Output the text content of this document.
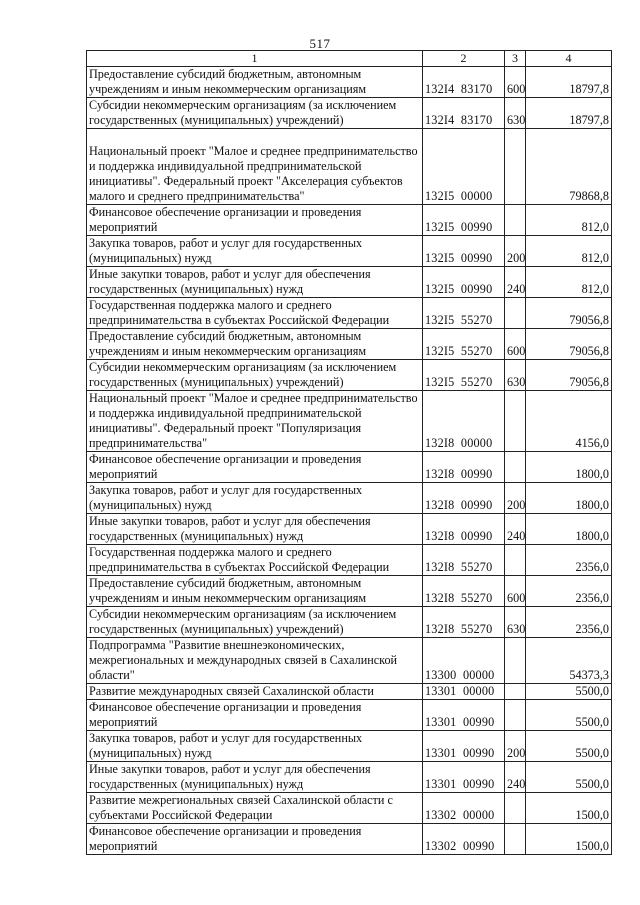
517
1	2	3	4
Предоставление субсидий бюджетным, автономным учреждениям и иным некоммерческим организациям	132I4  83170	600	18797,8
Субсидии некоммерческим организациям (за исключением государственных (муниципальных) учреждений)	132I4  83170	630	18797,8
Национальный проект "Малое и среднее предпринимательство и поддержка индивидуальной предпринимательской инициативы". Федеральный проект "Акселерация субъектов малого и среднего предпринимательства"	132I5  00000		79868,8
Финансовое обеспечение организации и проведения мероприятий	132I5  00990		812,0
Закупка товаров, работ и услуг для государственных (муниципальных) нужд	132I5  00990	200	812,0
Иные закупки товаров, работ и услуг для обеспечения государственных (муниципальных) нужд	132I5  00990	240	812,0
Государственная поддержка малого и среднего предпринимательства в субъектах Российской Федерации	132I5  55270		79056,8
Предоставление субсидий бюджетным, автономным учреждениям и иным некоммерческим организациям	132I5  55270	600	79056,8
Субсидии некоммерческим организациям (за исключением государственных (муниципальных) учреждений)	132I5  55270	630	79056,8
Национальный проект "Малое и среднее предпринимательство и поддержка индивидуальной предпринимательской инициативы". Федеральный проект "Популяризация предпринимательства"	132I8  00000		4156,0
Финансовое обеспечение организации и проведения мероприятий	132I8  00990		1800,0
Закупка товаров, работ и услуг для государственных (муниципальных) нужд	132I8  00990	200	1800,0
Иные закупки товаров, работ и услуг для обеспечения государственных (муниципальных) нужд	132I8  00990	240	1800,0
Государственная поддержка малого и среднего предпринимательства в субъектах Российской Федерации	132I8  55270		2356,0
Предоставление субсидий бюджетным, автономным учреждениям и иным некоммерческим организациям	132I8  55270	600	2356,0
Субсидии некоммерческим организациям (за исключением государственных (муниципальных) учреждений)	132I8  55270	630	2356,0
Подпрограмма "Развитие внешнеэкономических, межрегиональных и международных связей в Сахалинской области"	13300  00000		54373,3
Развитие международных связей Сахалинской области	13301  00000		5500,0
Финансовое обеспечение организации и проведения мероприятий	13301  00990		5500,0
Закупка товаров, работ и услуг для государственных (муниципальных) нужд	13301  00990	200	5500,0
Иные закупки товаров, работ и услуг для обеспечения государственных (муниципальных) нужд	13301  00990	240	5500,0
Развитие межрегиональных связей Сахалинской области с субъектами Российской Федерации	13302  00000		1500,0
Финансовое обеспечение организации и проведения мероприятий	13302  00990		1500,0
